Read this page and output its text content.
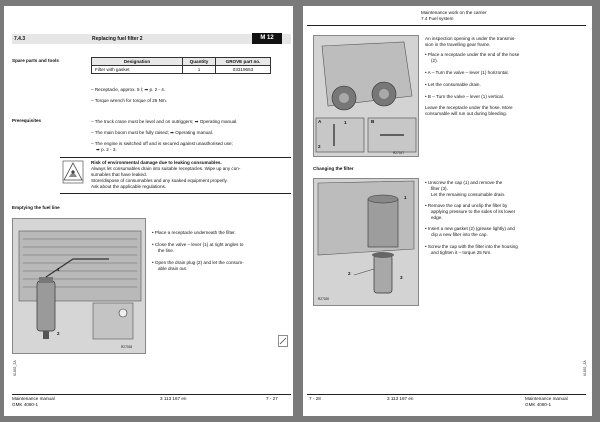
7.4.3	Replacing fuel filter 2	M 12
Spare parts and tools	Designation	Quantity	GROVE part no.
Filter with gasket	1	03319653
– Receptacle, approx. 5 l; ➡ p. 2 - 4.
– Torque wrench for torque of 25 Nm.
Prerequisites	– The truck crane must be level and on outriggers; ➡ Operating manual.
– The main boom must be fully raised; ➡ Operating manual.
– The engine is switched off and is secured against unauthorised use;
➡ p. 2 - 3.
Risk of environmental damage due to leaking consumables.
Always let consumables drain into suitable receptacles. Wipe up any con-
sumables that have leaked.
Store/dispose of consumables and any soaked equipment properly.
Ask about the applicable regulations.
Emptying the fuel line
1
2
R27018
• Place a receptacle underneath the filter.
• Close the valve – lever (1) at right angles to
the line.
• Open the drain plug (2) and let the consum-
able drain out.
61852_ZA
Maintenance manual
GMK 4080-1
3 113 167 en	7 - 27
Maintenance work on the carrier
7.4 Fuel system
2
1
A	B
An inspection opening is under the transmis-
sion in the travelling gear frame.
• Place a receptacle under the end of the hose
(2).
• A – Turn the valve – lever (1) horizontal.
• Let the consumable drain.
• B – Turn the valve – lever (1) vertical.
Leave the receptacle under the hose. More
consumable will run out during bleeding.
R27017
Changing the filter
1
2
3
R27020
• Unscrew the cap (1) and remove the
filter (3).
Let the remaining consumable drain.
• Remove the cap and unclip the filter by
applying pressure to the sides of its lower
edge.
• Insert a new gasket (2) (grease lightly) and
clip a new filter into the cap.
• Screw the cap with the filter into the housing
and tighten it – torque 25 Nm.
61852_ZA
7 - 28	3 113 167 en	Maintenance manual
GMK 4080-1
